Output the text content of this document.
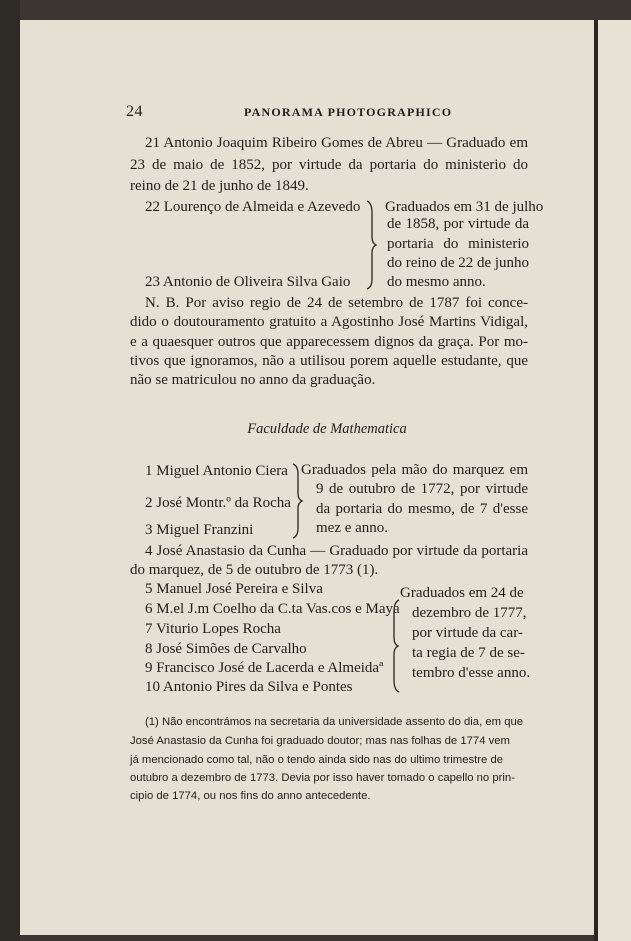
24	PANORAMA PHOTOGRAPHICO
21 Antonio Joaquim Ribeiro Gomes de Abreu — Graduado em
23 de maio de 1852, por virtude da portaria do ministerio do
reino de 21 de junho de 1849.
22 Lourenço de Almeida e Azevedo
23 Antonio de Oliveira Silva Gaio
Graduados em 31 de julho
de 1858, por virtude da
portaria do ministerio
do reino de 22 de junho
do mesmo anno.
N. B. Por aviso regio de 24 de setembro de 1787 foi conce-
dido o doutouramento gratuito a Agostinho José Martins Vidigal,
e a quaesquer outros que apparecessem dignos da graça. Por mo-
tivos que ignoramos, não a utilisou porem aquelle estudante, que
não se matriculou no anno da graduação.
Faculdade de Mathematica
1 Miguel Antonio Ciera
2 José Montr.º da Rocha
3 Miguel Franzini
Graduados pela mão do marquez em
9 de outubro de 1772, por virtude
da portaria do mesmo, de 7 d'esse
mez e anno.
4 José Anastasio da Cunha — Graduado por virtude da portaria
do marquez, de 5 de outubro de 1773 (1).
5 Manuel José Pereira e Silva
6 M.el J.m Coelho da C.ta Vas.cos e Maya
7 Viturio Lopes Rocha
8 José Simões de Carvalho
9 Francisco José de Lacerda e Almeidaª
10 Antonio Pires da Silva e Pontes
Graduados em 24 de
dezembro de 1777,
por virtude da car-
ta regia de 7 de se-
tembro d'esse anno.
(1) Não encontrámos na secretaria da universidade assento do dia, em que
José Anastasio da Cunha foi graduado doutor; mas nas folhas de 1774 vem
já mencionado como tal, não o tendo ainda sido nas do ultimo trimestre de
outubro a dezembro de 1773. Devia por isso haver tomado o capello no prin-
cipio de 1774, ou nos fins do anno antecedente.
